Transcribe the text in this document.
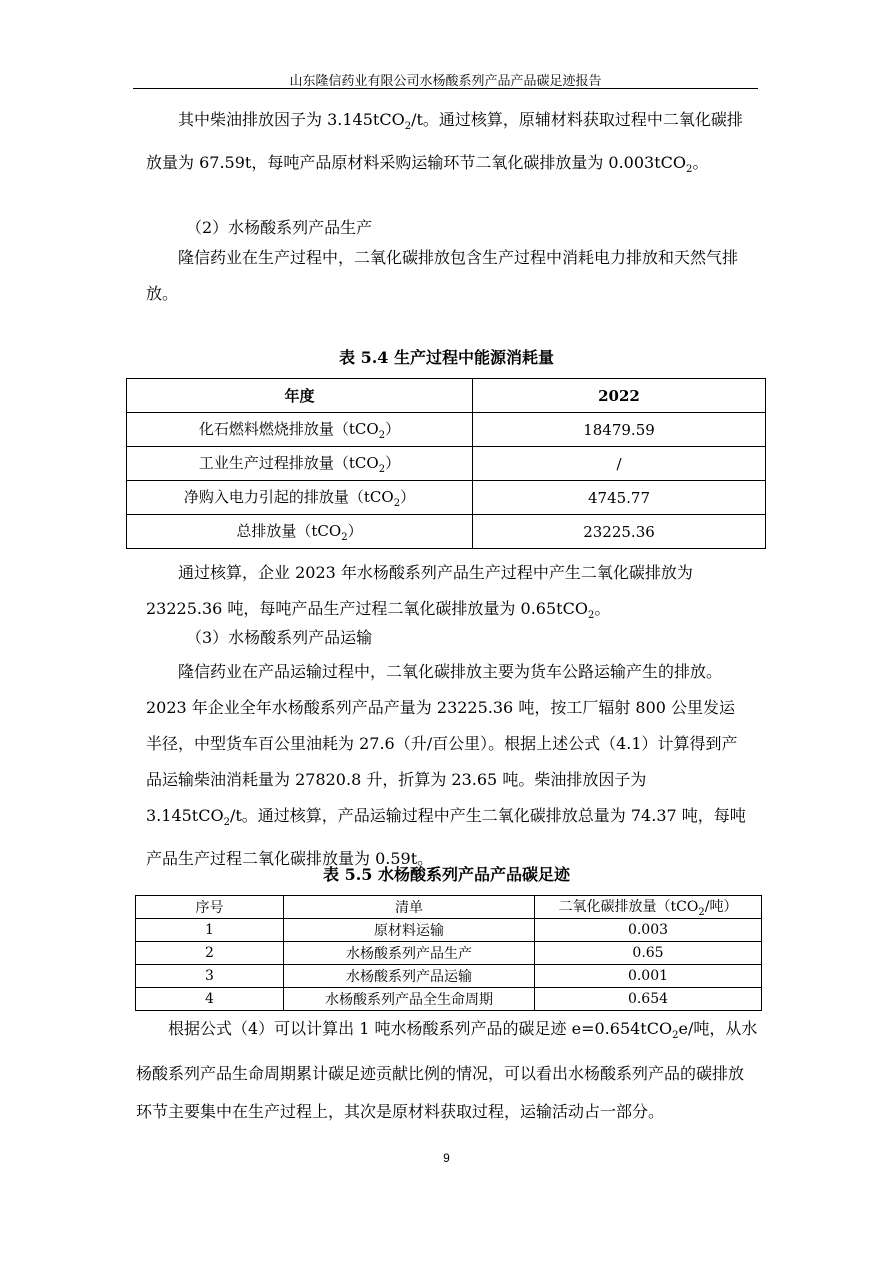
山东隆信药业有限公司水杨酸系列产品产品碳足迹报告

其中柴油排放因子为 3.145tCO$_2$/t。通过核算，原辅材料获取过程中二氧化碳排放量为 67.59t，每吨产品原材料采购运输环节二氧化碳排放量为 0.003tCO$_2$。

（2）水杨酸系列产品生产

隆信药业在生产过程中，二氧化碳排放包含生产过程中消耗电力排放和天然气排放。

表 5.4 生产过程中能源消耗量
年度	2022
化石燃料燃烧排放量（tCO$_2$）	18479.59
工业生产过程排放量（tCO$_2$）	/
净购入电力引起的排放量（tCO$_2$）	4745.77
总排放量（tCO$_2$）	23225.36

通过核算，企业 2023 年水杨酸系列产品生产过程中产生二氧化碳排放为 23225.36 吨，每吨产品生产过程二氧化碳排放量为 0.65tCO$_2$。

（3）水杨酸系列产品运输

隆信药业在产品运输过程中，二氧化碳排放主要为货车公路运输产生的排放。2023 年企业全年水杨酸系列产品产量为 23225.36 吨，按工厂辐射 800 公里发运半径，中型货车百公里油耗为 27.6（升/百公里）。根据上述公式（4.1）计算得到产品运输柴油消耗量为 27820.8 升，折算为 23.65 吨。柴油排放因子为 3.145tCO$_2$/t。通过核算，产品运输过程中产生二氧化碳排放总量为 74.37 吨，每吨产品生产过程二氧化碳排放量为 0.59t。

表 5.5 水杨酸系列产品产品碳足迹
序号	清单	二氧化碳排放量（tCO$_2$/吨）
1	原材料运输	0.003
2	水杨酸系列产品生产	0.65
3	水杨酸系列产品运输	0.001
4	水杨酸系列产品全生命周期	0.654

根据公式（4）可以计算出 1 吨水杨酸系列产品的碳足迹 e=0.654tCO$_2$e/吨，从水杨酸系列产品生命周期累计碳足迹贡献比例的情况，可以看出水杨酸系列产品的碳排放环节主要集中在生产过程上，其次是原材料获取过程，运输活动占一部分。

9
